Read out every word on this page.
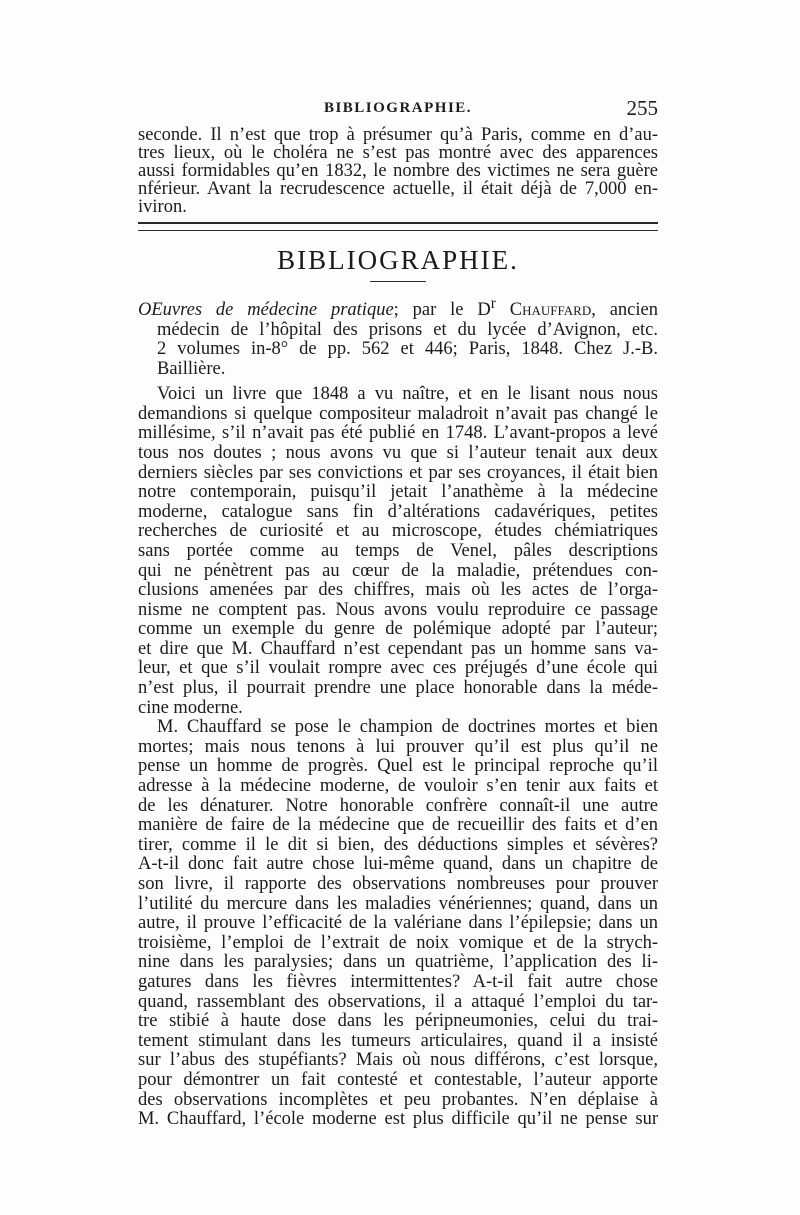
BIBLIOGRAPHIE.	255

seconde. Il n’est que trop à présumer qu’à Paris, comme en d’au-

tres lieux, où le choléra ne s’est pas montré avec des apparences

aussi formidables qu’en 1832, le nombre des victimes ne sera guère

nférieur. Avant la recrudescence actuelle, il était déjà de 7,000 en-

iviron.

BIBLIOGRAPHIE.

OEuvres de médecine pratique; par le $D^r$ Chauffard, ancien

médecin de l’hôpital des prisons et du lycée d’Avignon, etc.

2 volumes in-8° de pp. 562 et 446; Paris, 1848. Chez J.-B.

Baillière.

Voici un livre que 1848 a vu naître, et en le lisant nous nous

demandions si quelque compositeur maladroit n’avait pas changé le

millésime, s’il n’avait pas été publié en 1748. L’avant-propos a levé

tous nos doutes ; nous avons vu que si l’auteur tenait aux deux

derniers siècles par ses convictions et par ses croyances, il était bien

notre contemporain, puisqu’il jetait l’anathème à la médecine

moderne, catalogue sans fin d’altérations cadavériques, petites

recherches de curiosité et au microscope, études chémiatriques

sans portée comme au temps de Venel, pâles descriptions

qui ne pénètrent pas au cœur de la maladie, prétendues con-

clusions amenées par des chiffres, mais où les actes de l’orga-

nisme ne comptent pas. Nous avons voulu reproduire ce passage

comme un exemple du genre de polémique adopté par l’auteur;

et dire que M. Chauffard n’est cependant pas un homme sans va-

leur, et que s’il voulait rompre avec ces préjugés d’une école qui

n’est plus, il pourrait prendre une place honorable dans la méde-

cine moderne.

M. Chauffard se pose le champion de doctrines mortes et bien

mortes; mais nous tenons à lui prouver qu’il est plus qu’il ne

pense un homme de progrès. Quel est le principal reproche qu’il

adresse à la médecine moderne, de vouloir s’en tenir aux faits et

de les dénaturer. Notre honorable confrère connaît-il une autre

manière de faire de la médecine que de recueillir des faits et d’en

tirer, comme il le dit si bien, des déductions simples et sévères?

A-t-il donc fait autre chose lui-même quand, dans un chapitre de

son livre, il rapporte des observations nombreuses pour prouver

l’utilité du mercure dans les maladies vénériennes; quand, dans un

autre, il prouve l’efficacité de la valériane dans l’épilepsie; dans un

troisième, l’emploi de l’extrait de noix vomique et de la strych-

nine dans les paralysies; dans un quatrième, l’application des li-

gatures dans les fièvres intermittentes? A-t-il fait autre chose

quand, rassemblant des observations, il a attaqué l’emploi du tar-

tre stibié à haute dose dans les péripneumonies, celui du trai-

tement stimulant dans les tumeurs articulaires, quand il a insisté

sur l’abus des stupéfiants? Mais où nous différons, c’est lorsque,

pour démontrer un fait contesté et contestable, l’auteur apporte

des observations incomplètes et peu probantes. N’en déplaise à

M. Chauffard, l’école moderne est plus difficile qu’il ne pense sur
